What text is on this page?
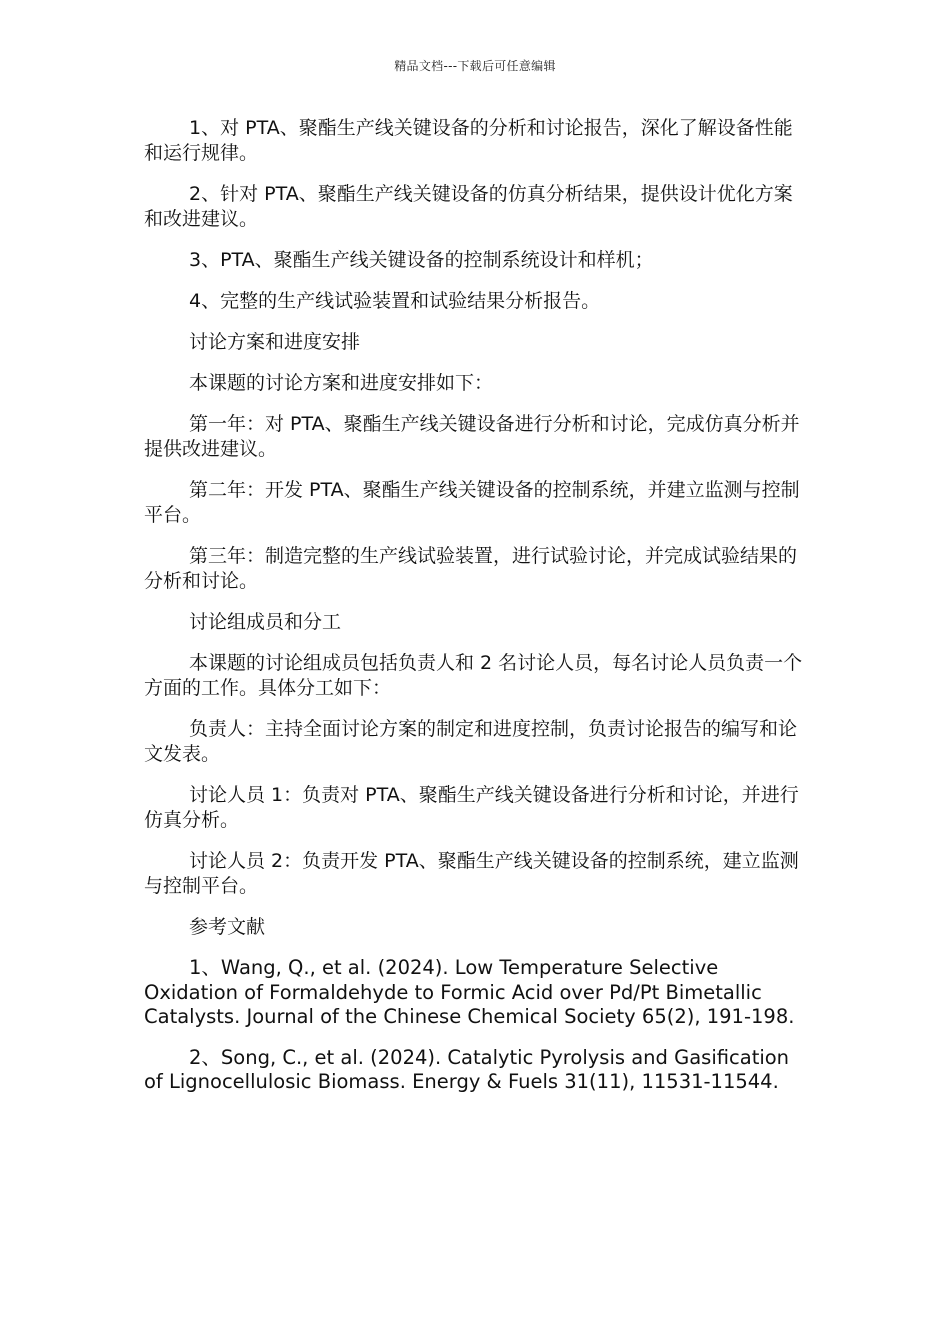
精品文档---下载后可任意编辑

1、对 PTA、聚酯生产线关键设备的分析和讨论报告，深化了解设备性能和运行规律。

2、针对 PTA、聚酯生产线关键设备的仿真分析结果，提供设计优化方案和改进建议。

3、PTA、聚酯生产线关键设备的控制系统设计和样机；

4、完整的生产线试验装置和试验结果分析报告。

讨论方案和进度安排

本课题的讨论方案和进度安排如下：

第一年：对 PTA、聚酯生产线关键设备进行分析和讨论，完成仿真分析并提供改进建议。

第二年：开发 PTA、聚酯生产线关键设备的控制系统，并建立监测与控制平台。

第三年：制造完整的生产线试验装置，进行试验讨论，并完成试验结果的分析和讨论。

讨论组成员和分工

本课题的讨论组成员包括负责人和 2 名讨论人员，每名讨论人员负责一个方面的工作。具体分工如下：

负责人：主持全面讨论方案的制定和进度控制，负责讨论报告的编写和论文发表。

讨论人员 1：负责对 PTA、聚酯生产线关键设备进行分析和讨论，并进行仿真分析。

讨论人员 2：负责开发 PTA、聚酯生产线关键设备的控制系统，建立监测与控制平台。

参考文献

1、Wang, Q., et al. (2024). Low Temperature Selective Oxidation of Formaldehyde to Formic Acid over Pd/Pt Bimetallic Catalysts. Journal of the Chinese Chemical Society 65(2), 191-198.

2、Song, C., et al. (2024). Catalytic Pyrolysis and Gasification of Lignocellulosic Biomass. Energy & Fuels 31(11), 11531-11544.
